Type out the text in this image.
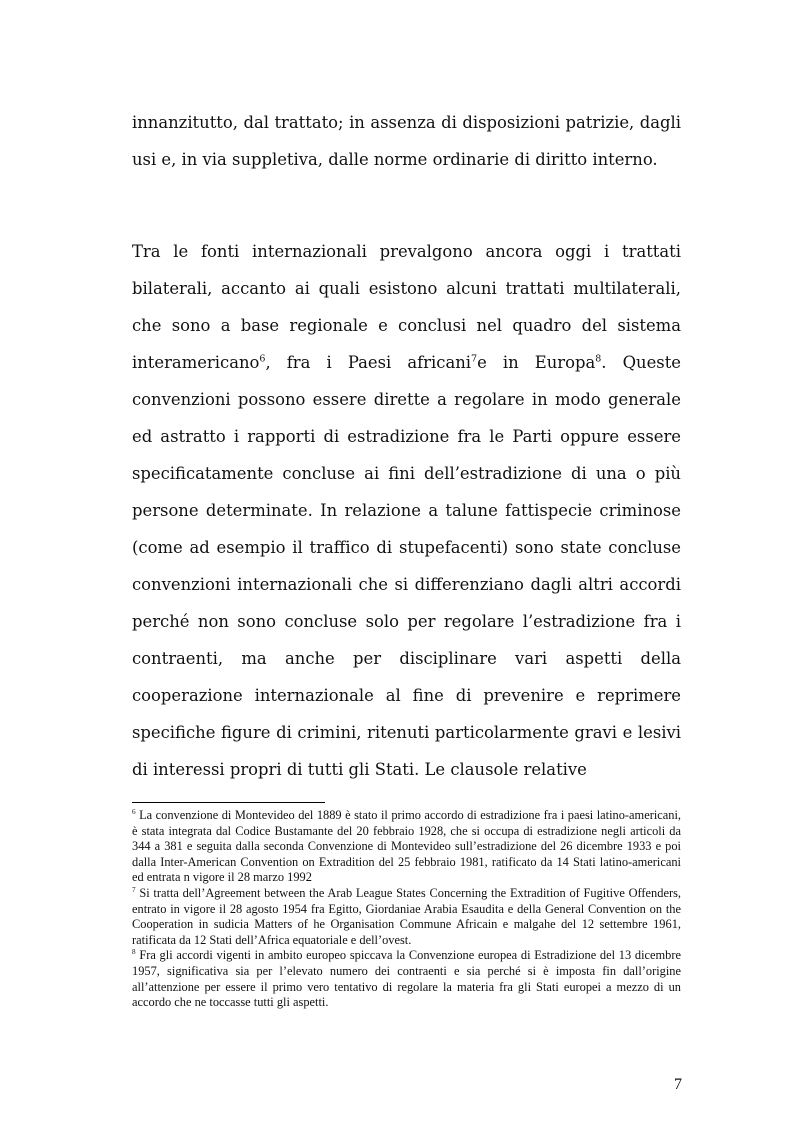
innanzitutto, dal trattato; in assenza di disposizioni patrizie, dagli usi e, in via suppletiva, dalle norme ordinarie di diritto interno.

Tra le fonti internazionali prevalgono ancora oggi i trattati bilaterali, accanto ai quali esistono alcuni trattati multilaterali, che sono a base regionale e conclusi nel quadro del sistema interamericano$^6$, fra i Paesi africani$^7$e in Europa$^8$. Queste convenzioni possono essere dirette a regolare in modo generale ed astratto i rapporti di estradizione fra le Parti oppure essere specificatamente concluse ai fini dell’estradizione di una o più persone determinate. In relazione a talune fattispecie criminose (come ad esempio il traffico di stupefacenti) sono state concluse convenzioni internazionali che si differenziano dagli altri accordi perché non sono concluse solo per regolare l’estradizione fra i contraenti, ma anche per disciplinare vari aspetti della cooperazione internazionale al fine di prevenire e reprimere specifiche figure di crimini, ritenuti particolarmente gravi e lesivi di interessi propri di tutti gli Stati. Le clausole relative

$^6$ La convenzione di Montevideo del 1889 è stato il primo accordo di estradizione fra i paesi latino-americani, è stata integrata dal Codice Bustamante del 20 febbraio 1928, che si occupa di estradizione negli articoli da 344 a 381 e seguita dalla seconda Convenzione di Montevideo sull’estradizione del 26 dicembre 1933 e poi dalla Inter-American Convention on Extradition del 25 febbraio 1981, ratificato da 14 Stati latino-americani ed entrata n vigore il 28 marzo 1992

$^7$ Si tratta dell’Agreement between the Arab League States Concerning the Extradition of Fugitive Offenders, entrato in vigore il 28 agosto 1954 fra Egitto, Giordaniae Arabia Esaudita e della General Convention on the Cooperation in sudicia Matters of he Organisation Commune Africain e malgahe del 12 settembre 1961, ratificata da 12 Stati dell’Africa equatoriale e dell’ovest.

$^8$ Fra gli accordi vigenti in ambito europeo spiccava la Convenzione europea di Estradizione del 13 dicembre 1957, significativa sia per l’elevato numero dei contraenti e sia perché si è imposta fin dall’origine all’attenzione per essere il primo vero tentativo di regolare la materia fra gli Stati europei a mezzo di un accordo che ne toccasse tutti gli aspetti.

7
